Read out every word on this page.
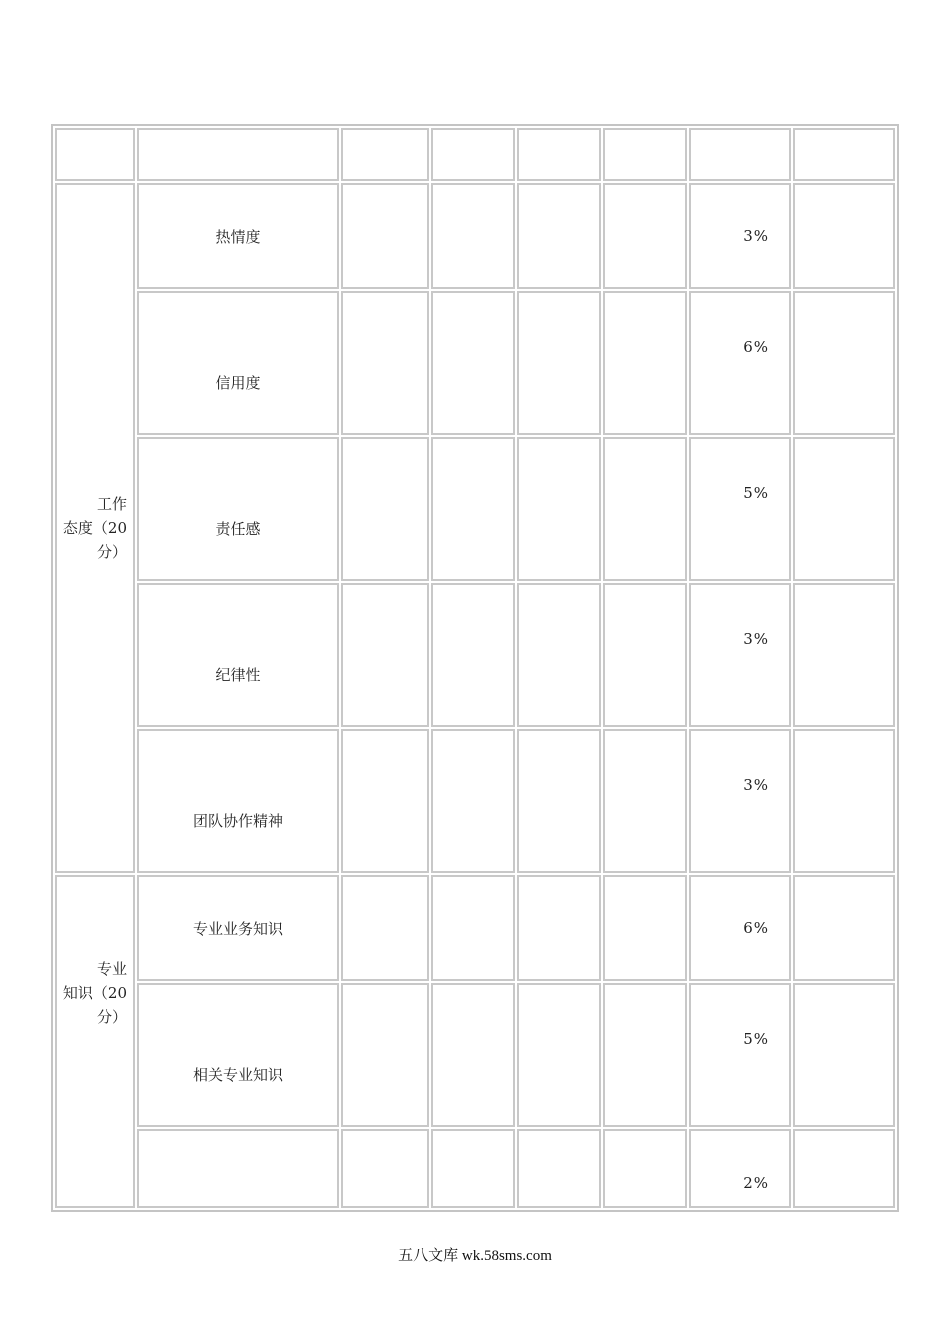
工作
态度（20
分）	热情度					3%	
	信用度					6%	
	责任感					5%	
	纪律性					3%	
	团队协作精神					3%	

专业
知识（20
分）	专业业务知识					6%	
	相关专业知识					5%	
						2%	
五八文库 wk.58sms.com
